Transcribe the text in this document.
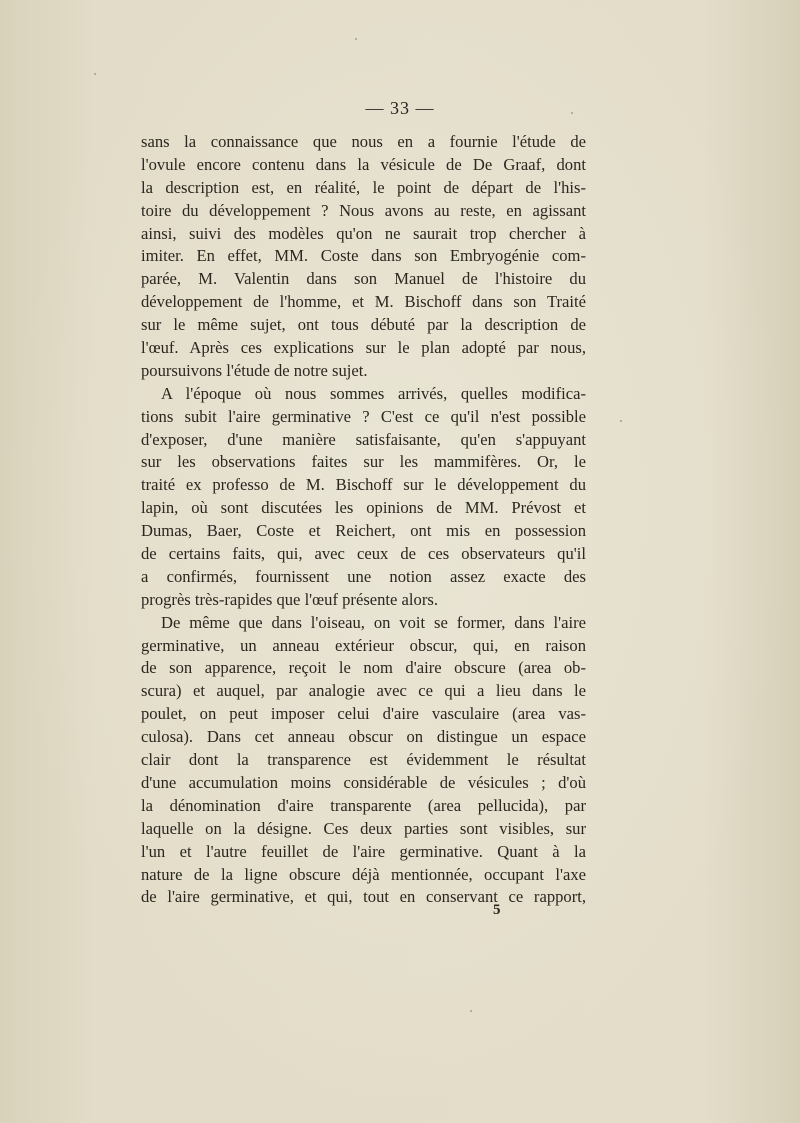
— 33 —
sans la connaissance que nous en a fournie l'étude de
l'ovule encore contenu dans la vésicule de De Graaf, dont
la description est, en réalité, le point de départ de l'his-
toire du développement ? Nous avons au reste, en agissant
ainsi, suivi des modèles qu'on ne saurait trop chercher à
imiter. En effet, MM. Coste dans son Embryogénie com-
parée, M. Valentin dans son Manuel de l'histoire du
développement de l'homme, et M. Bischoff dans son Traité
sur le même sujet, ont tous débuté par la description de
l'œuf. Après ces explications sur le plan adopté par nous,
poursuivons l'étude de notre sujet.
A l'époque où nous sommes arrivés, quelles modifica-
tions subit l'aire germinative ? C'est ce qu'il n'est possible
d'exposer, d'une manière satisfaisante, qu'en s'appuyant
sur les observations faites sur les mammifères. Or, le
traité ex professo de M. Bischoff sur le développement du
lapin, où sont discutées les opinions de MM. Prévost et
Dumas, Baer, Coste et Reichert, ont mis en possession
de certains faits, qui, avec ceux de ces observateurs qu'il
a confirmés, fournissent une notion assez exacte des
progrès très-rapides que l'œuf présente alors.
De même que dans l'oiseau, on voit se former, dans l'aire
germinative, un anneau extérieur obscur, qui, en raison
de son apparence, reçoit le nom d'aire obscure (area ob-
scura) et auquel, par analogie avec ce qui a lieu dans le
poulet, on peut imposer celui d'aire vasculaire (area vas-
culosa). Dans cet anneau obscur on distingue un espace
clair dont la transparence est évidemment le résultat
d'une accumulation moins considérable de vésicules ; d'où
la dénomination d'aire transparente (area pellucida), par
laquelle on la désigne. Ces deux parties sont visibles, sur
l'un et l'autre feuillet de l'aire germinative. Quant à la
nature de la ligne obscure déjà mentionnée, occupant l'axe
de l'aire germinative, et qui, tout en conservant ce rapport,
5
